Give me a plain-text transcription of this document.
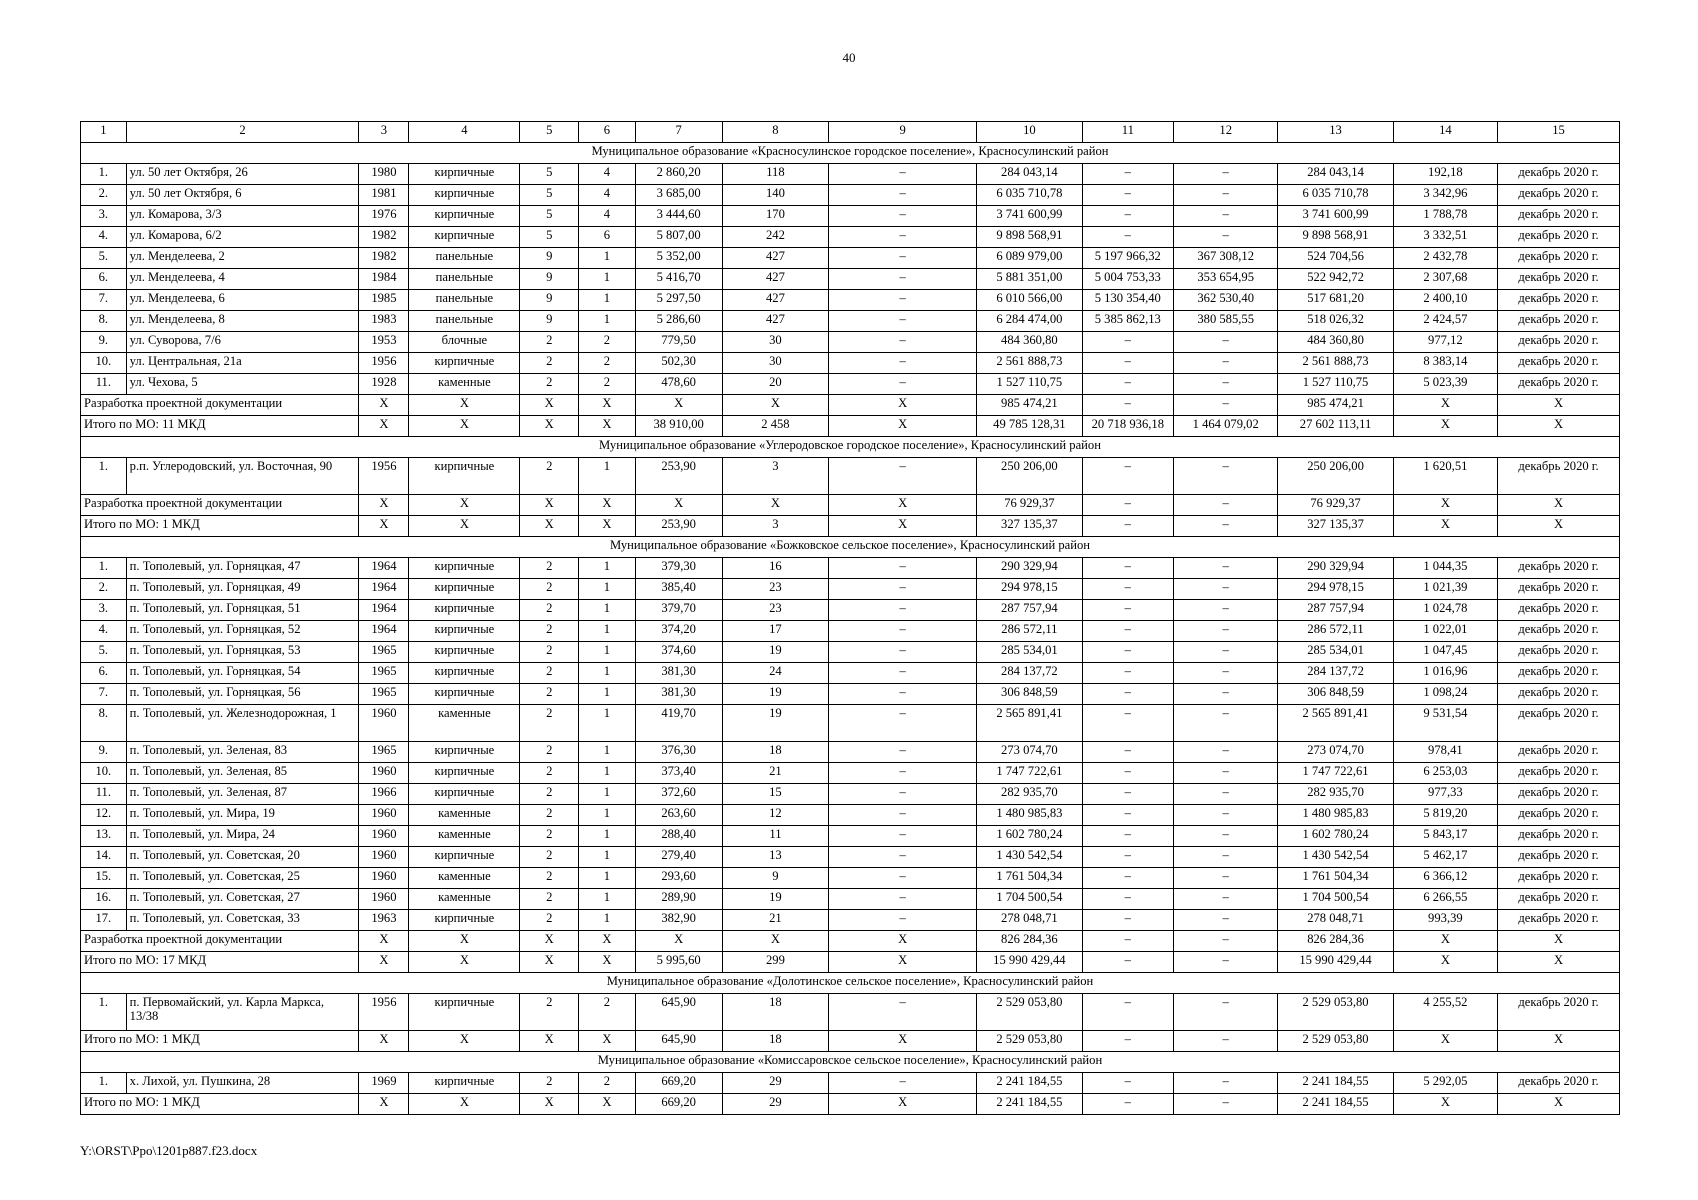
40
1	2	3	4	5	6	7	8	9	10	11	12	13	14	15
Муниципальное образование «Красносулинское городское поселение», Красносулинский район														
1.	ул. 50 лет Октября, 26	1980	кирпичные	5	4	2 860,20	118	–	284 043,14	–	–	284 043,14	192,18	декабрь 2020 г.
2.	ул. 50 лет Октября, 6	1981	кирпичные	5	4	3 685,00	140	–	6 035 710,78	–	–	6 035 710,78	3 342,96	декабрь 2020 г.
3.	ул. Комарова, 3/3	1976	кирпичные	5	4	3 444,60	170	–	3 741 600,99	–	–	3 741 600,99	1 788,78	декабрь 2020 г.
4.	ул. Комарова, 6/2	1982	кирпичные	5	6	5 807,00	242	–	9 898 568,91	–	–	9 898 568,91	3 332,51	декабрь 2020 г.
5.	ул. Менделеева, 2	1982	панельные	9	1	5 352,00	427	–	6 089 979,00	5 197 966,32	367 308,12	524 704,56	2 432,78	декабрь 2020 г.
6.	ул. Менделеева, 4	1984	панельные	9	1	5 416,70	427	–	5 881 351,00	5 004 753,33	353 654,95	522 942,72	2 307,68	декабрь 2020 г.
7.	ул. Менделеева, 6	1985	панельные	9	1	5 297,50	427	–	6 010 566,00	5 130 354,40	362 530,40	517 681,20	2 400,10	декабрь 2020 г.
8.	ул. Менделеева, 8	1983	панельные	9	1	5 286,60	427	–	6 284 474,00	5 385 862,13	380 585,55	518 026,32	2 424,57	декабрь 2020 г.
9.	ул. Суворова, 7/6	1953	блочные	2	2	779,50	30	–	484 360,80	–	–	484 360,80	977,12	декабрь 2020 г.
10.	ул. Центральная, 21а	1956	кирпичные	2	2	502,30	30	–	2 561 888,73	–	–	2 561 888,73	8 383,14	декабрь 2020 г.
11.	ул. Чехова, 5	1928	каменные	2	2	478,60	20	–	1 527 110,75	–	–	1 527 110,75	5 023,39	декабрь 2020 г.
Разработка проектной документации		X	X	X	X	X	X	X	985 474,21	–	–	985 474,21	X	X
Итого по МО: 11 МКД		X	X	X	X	38 910,00	2 458	X	49 785 128,31	20 718 936,18	1 464 079,02	27 602 113,11	X	X
Муниципальное образование «Углеродовское городское поселение», Красносулинский район														
1.	р.п. Углеродовский, ул. Восточная, 90	1956	кирпичные	2	1	253,90	3	–	250 206,00	–	–	250 206,00	1 620,51	декабрь 2020 г.
Разработка проектной документации		X	X	X	X	X	X	X	76 929,37	–	–	76 929,37	X	X
Итого по МО: 1 МКД		X	X	X	X	253,90	3	X	327 135,37	–	–	327 135,37	X	X
Муниципальное образование «Божковское сельское поселение», Красносулинский район														
1.	п. Тополевый, ул. Горняцкая, 47	1964	кирпичные	2	1	379,30	16	–	290 329,94	–	–	290 329,94	1 044,35	декабрь 2020 г.
2.	п. Тополевый, ул. Горняцкая, 49	1964	кирпичные	2	1	385,40	23	–	294 978,15	–	–	294 978,15	1 021,39	декабрь 2020 г.
3.	п. Тополевый, ул. Горняцкая, 51	1964	кирпичные	2	1	379,70	23	–	287 757,94	–	–	287 757,94	1 024,78	декабрь 2020 г.
4.	п. Тополевый, ул. Горняцкая, 52	1964	кирпичные	2	1	374,20	17	–	286 572,11	–	–	286 572,11	1 022,01	декабрь 2020 г.
5.	п. Тополевый, ул. Горняцкая, 53	1965	кирпичные	2	1	374,60	19	–	285 534,01	–	–	285 534,01	1 047,45	декабрь 2020 г.
6.	п. Тополевый, ул. Горняцкая, 54	1965	кирпичные	2	1	381,30	24	–	284 137,72	–	–	284 137,72	1 016,96	декабрь 2020 г.
7.	п. Тополевый, ул. Горняцкая, 56	1965	кирпичные	2	1	381,30	19	–	306 848,59	–	–	306 848,59	1 098,24	декабрь 2020 г.
8.	п. Тополевый, ул. Железнодорожная, 1	1960	каменные	2	1	419,70	19	–	2 565 891,41	–	–	2 565 891,41	9 531,54	декабрь 2020 г.
9.	п. Тополевый, ул. Зеленая, 83	1965	кирпичные	2	1	376,30	18	–	273 074,70	–	–	273 074,70	978,41	декабрь 2020 г.
10.	п. Тополевый, ул. Зеленая, 85	1960	кирпичные	2	1	373,40	21	–	1 747 722,61	–	–	1 747 722,61	6 253,03	декабрь 2020 г.
11.	п. Тополевый, ул. Зеленая, 87	1966	кирпичные	2	1	372,60	15	–	282 935,70	–	–	282 935,70	977,33	декабрь 2020 г.
12.	п. Тополевый, ул. Мира, 19	1960	каменные	2	1	263,60	12	–	1 480 985,83	–	–	1 480 985,83	5 819,20	декабрь 2020 г.
13.	п. Тополевый, ул. Мира, 24	1960	каменные	2	1	288,40	11	–	1 602 780,24	–	–	1 602 780,24	5 843,17	декабрь 2020 г.
14.	п. Тополевый, ул. Советская, 20	1960	кирпичные	2	1	279,40	13	–	1 430 542,54	–	–	1 430 542,54	5 462,17	декабрь 2020 г.
15.	п. Тополевый, ул. Советская, 25	1960	каменные	2	1	293,60	9	–	1 761 504,34	–	–	1 761 504,34	6 366,12	декабрь 2020 г.
16.	п. Тополевый, ул. Советская, 27	1960	каменные	2	1	289,90	19	–	1 704 500,54	–	–	1 704 500,54	6 266,55	декабрь 2020 г.
17.	п. Тополевый, ул. Советская, 33	1963	кирпичные	2	1	382,90	21	–	278 048,71	–	–	278 048,71	993,39	декабрь 2020 г.
Разработка проектной документации		X	X	X	X	X	X	X	826 284,36	–	–	826 284,36	X	X
Итого по МО: 17 МКД		X	X	X	X	5 995,60	299	X	15 990 429,44	–	–	15 990 429,44	X	X
Муниципальное образование «Долотинское сельское поселение», Красносулинский район														
1.	п. Первомайский, ул. Карла Маркса, 13/38	1956	кирпичные	2	2	645,90	18	–	2 529 053,80	–	–	2 529 053,80	4 255,52	декабрь 2020 г.
Итого по МО: 1 МКД		X	X	X	X	645,90	18	X	2 529 053,80	–	–	2 529 053,80	X	X
Муниципальное образование «Комиссаровское сельское поселение», Красносулинский район														
1.	х. Лихой, ул. Пушкина, 28	1969	кирпичные	2	2	669,20	29	–	2 241 184,55	–	–	2 241 184,55	5 292,05	декабрь 2020 г.
Итого по МО: 1 МКД		X	X	X	X	669,20	29	X	2 241 184,55	–	–	2 241 184,55	X	X
Y:\ORST\Ppo\1201p887.f23.docx
